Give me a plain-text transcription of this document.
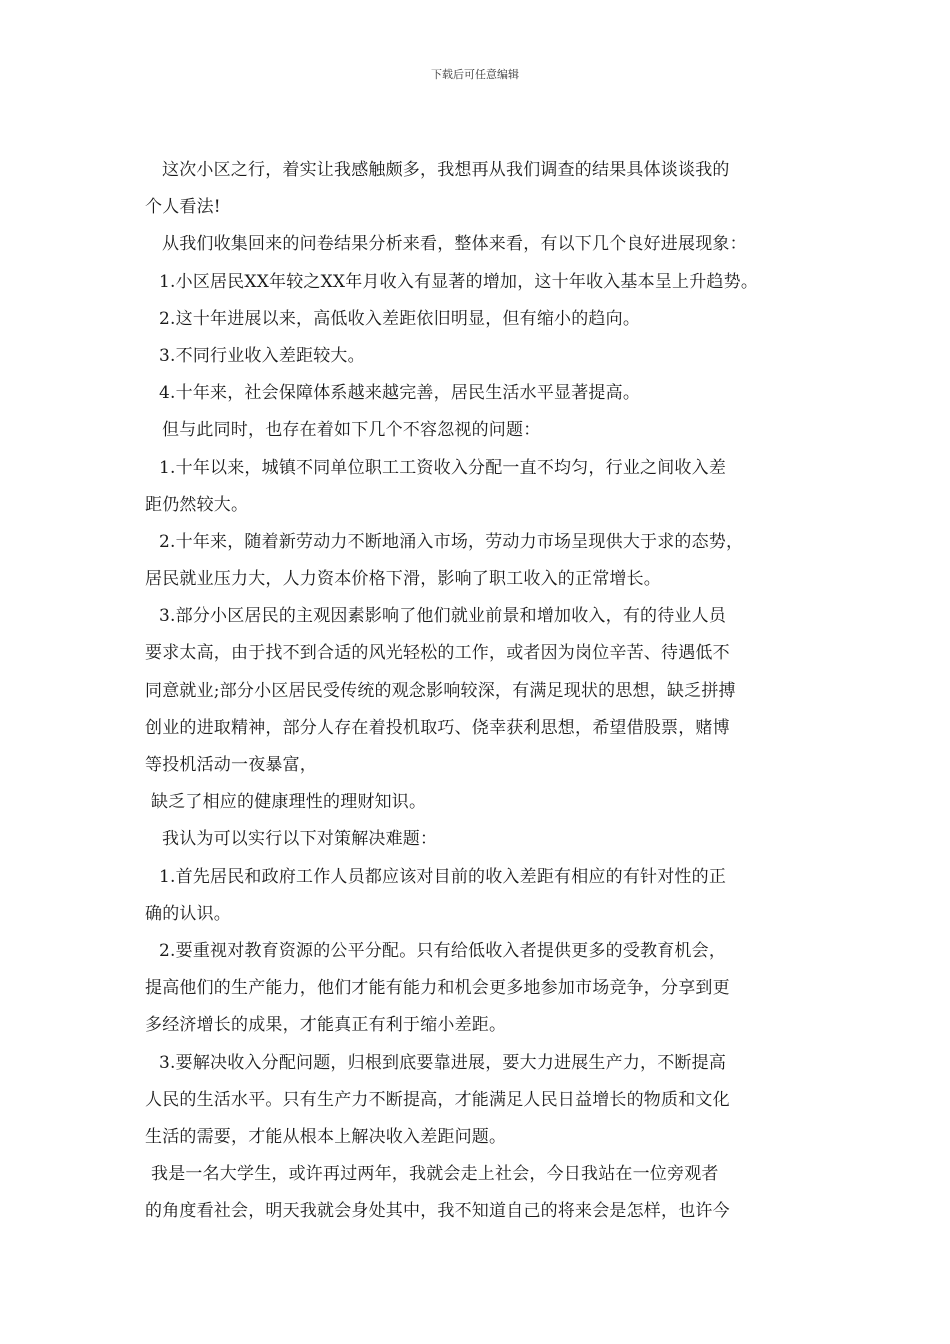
下载后可任意编辑
这次小区之行，着实让我感触颇多，我想再从我们调查的结果具体谈谈我的
个人看法!
从我们收集回来的问卷结果分析来看，整体来看，有以下几个良好进展现象：
1.小区居民XX年较之XX年月收入有显著的增加，这十年收入基本呈上升趋势。
2.这十年进展以来，高低收入差距依旧明显，但有缩小的趋向。
3.不同行业收入差距较大。
4.十年来，社会保障体系越来越完善，居民生活水平显著提高。
但与此同时，也存在着如下几个不容忽视的问题：
1.十年以来，城镇不同单位职工工资收入分配一直不均匀，行业之间收入差
距仍然较大。
2.十年来，随着新劳动力不断地涌入市场，劳动力市场呈现供大于求的态势，
居民就业压力大，人力资本价格下滑，影响了职工收入的正常增长。
3.部分小区居民的主观因素影响了他们就业前景和增加收入，有的待业人员
要求太高，由于找不到合适的风光轻松的工作，或者因为岗位辛苦、待遇低不
同意就业;部分小区居民受传统的观念影响较深，有满足现状的思想，缺乏拼搏
创业的进取精神，部分人存在着投机取巧、侥幸获利思想，希望借股票，赌博
等投机活动一夜暴富，
缺乏了相应的健康理性的理财知识。
我认为可以实行以下对策解决难题：
1.首先居民和政府工作人员都应该对目前的收入差距有相应的有针对性的正
确的认识。
2.要重视对教育资源的公平分配。只有给低收入者提供更多的受教育机会，
提高他们的生产能力，他们才能有能力和机会更多地参加市场竞争，分享到更
多经济增长的成果，才能真正有利于缩小差距。
3.要解决收入分配问题，归根到底要靠进展，要大力进展生产力，不断提高
人民的生活水平。只有生产力不断提高，才能满足人民日益增长的物质和文化
生活的需要，才能从根本上解决收入差距问题。
我是一名大学生，或许再过两年，我就会走上社会，今日我站在一位旁观者
的角度看社会，明天我就会身处其中，我不知道自己的将来会是怎样，也许今
